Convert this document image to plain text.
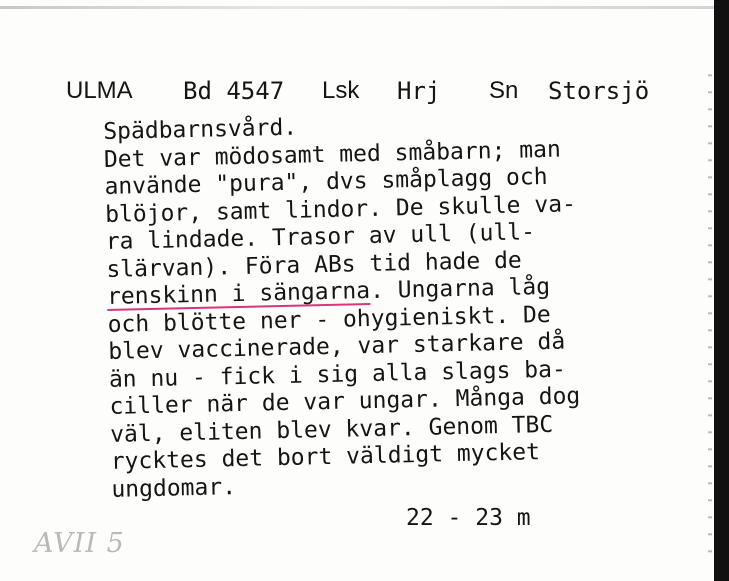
ULMA Bd 4547 Lsk Hrj Sn Storsjö
Spädbarnsvård.
Det var mödosamt med småbarn; man
använde "pura", dvs småplagg och
blöjor, samt lindor. De skulle va-
ra lindade. Trasor av ull (ull-
slärvan). Föra ABs tid hade de
renskinn i sängarna. Ungarna låg
och blötte ner - ohygieniskt. De
blev vaccinerade, var starkare då
än nu - fick i sig alla slags ba-
ciller när de var ungar. Många dog
väl, eliten blev kvar. Genom TBC
rycktes det bort väldigt mycket
ungdomar.
22 - 23 m
AVII 5
